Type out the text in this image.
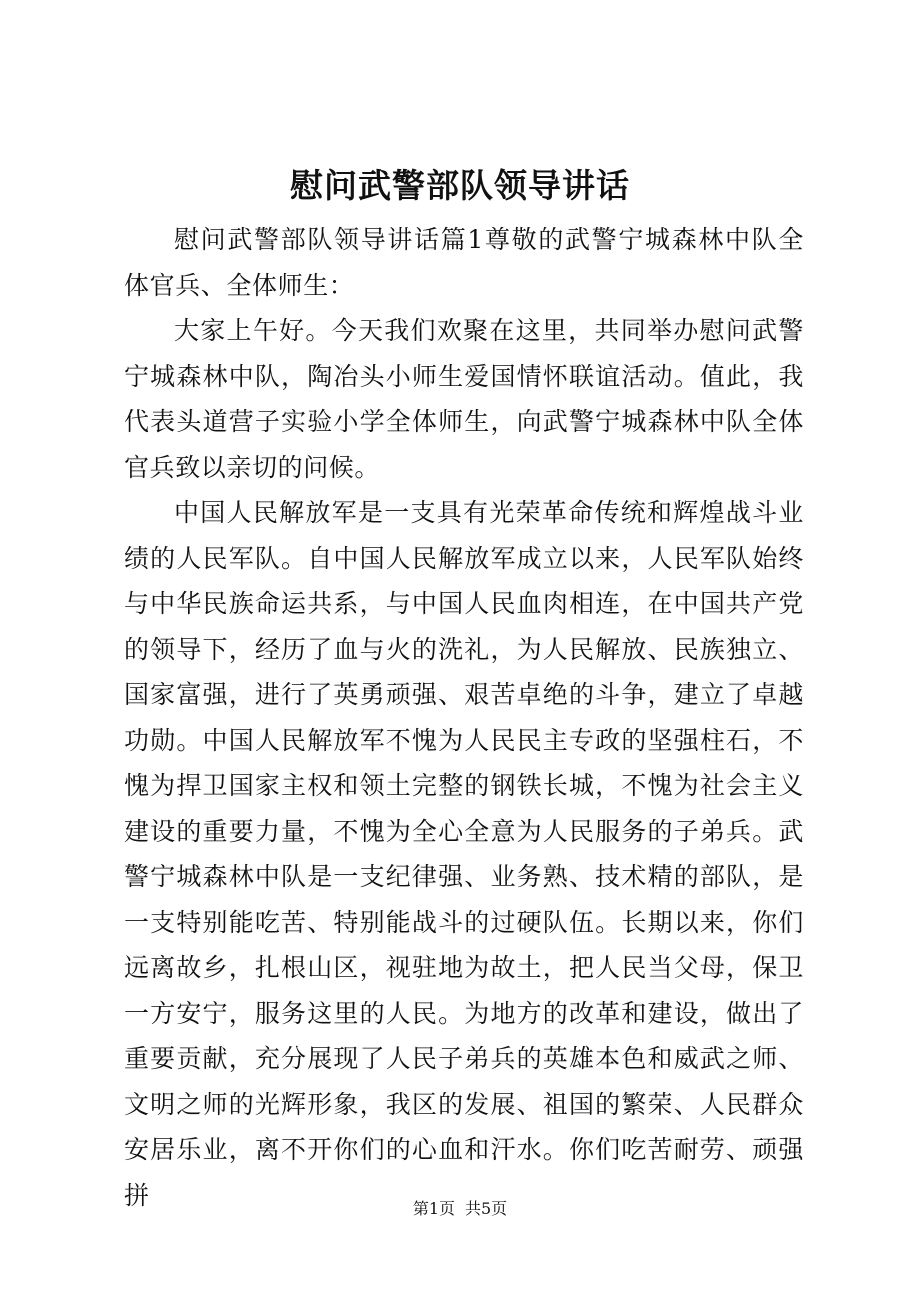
慰问武警部队领导讲话

慰问武警部队领导讲话篇1尊敬的武警宁城森林中队全体官兵、全体师生：

大家上午好。今天我们欢聚在这里，共同举办慰问武警宁城森林中队，陶冶头小师生爱国情怀联谊活动。值此，我代表头道营子实验小学全体师生，向武警宁城森林中队全体官兵致以亲切的问候。

中国人民解放军是一支具有光荣革命传统和辉煌战斗业绩的人民军队。自中国人民解放军成立以来，人民军队始终与中华民族命运共系，与中国人民血肉相连，在中国共产党的领导下，经历了血与火的洗礼，为人民解放、民族独立、国家富强，进行了英勇顽强、艰苦卓绝的斗争，建立了卓越功勋。中国人民解放军不愧为人民民主专政的坚强柱石，不愧为捍卫国家主权和领土完整的钢铁长城，不愧为社会主义建设的重要力量，不愧为全心全意为人民服务的子弟兵。武警宁城森林中队是一支纪律强、业务熟、技术精的部队，是一支特别能吃苦、特别能战斗的过硬队伍。长期以来，你们远离故乡，扎根山区，视驻地为故土，把人民当父母，保卫一方安宁，服务这里的人民。为地方的改革和建设，做出了重要贡献，充分展现了人民子弟兵的英雄本色和威武之师、文明之师的光辉形象，我区的发展、祖国的繁荣、人民群众安居乐业，离不开你们的心血和汗水。你们吃苦耐劳、顽强拼	第1页 共5页
